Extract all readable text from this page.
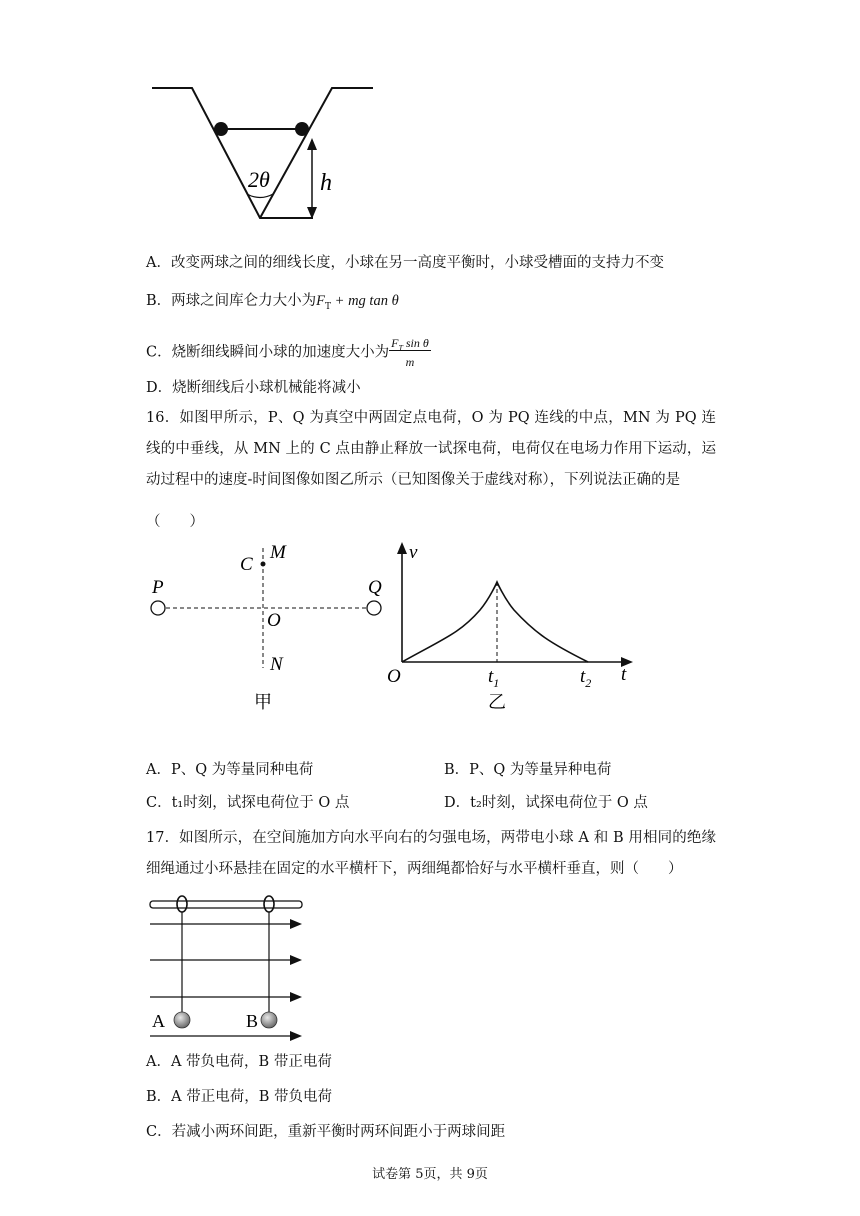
2θ h
A．改变两球之间的细线长度，小球在另一高度平衡时，小球受槽面的支持力不变
B．两球之间库仑力大小为$F_T$ + mg tan θ
C．烧断细线瞬间小球的加速度大小为$\frac{F_T \sin \theta}{m}$
D．烧断细线后小球机械能将减小
16．如图甲所示，P、Q 为真空中两固定点电荷，O 为 PQ 连线的中点，MN 为 PQ 连线的中垂线，从 MN 上的 C 点由静止释放一试探电荷，电荷仅在电场力作用下运动，运动过程中的速度-时间图像如图乙所示（已知图像关于虚线对称），下列说法正确的是
（　　）
P	Q
C
M
O
N
甲
v
O	$t_1$	$t_2$ t
乙
A．P、Q 为等量同种电荷	B．P、Q 为等量异种电荷
C．t₁时刻，试探电荷位于 O 点	D．t₂时刻，试探电荷位于 O 点
17．如图所示，在空间施加方向水平向右的匀强电场，两带电小球 A 和 B 用相同的绝缘细绳通过小环悬挂在固定的水平横杆下，两细绳都恰好与水平横杆垂直，则（　　）
A	B
A．A 带负电荷，B 带正电荷
B．A 带正电荷，B 带负电荷
C．若减小两环间距，重新平衡时两环间距小于两球间距
试卷第 5页，共 9页
